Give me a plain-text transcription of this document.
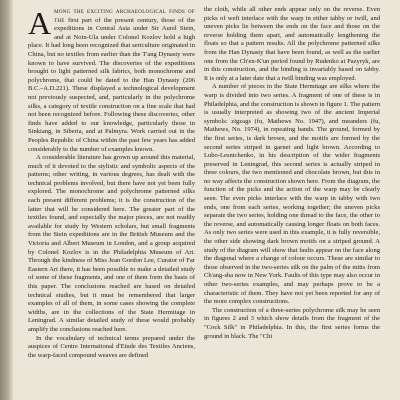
Among the exciting archaeological finds of the first part of the present century, those of the expeditions in Central Asia under Sir Aurel Stein, and at Noin-Ula under Colonel Kozlov hold a high place. It had long been recognized that sericulture originated in China, but no textiles from earlier than the T'ang Dynasty were known to have survived. The discoveries of the expeditions brought to light patterned silk fabrics, both monochrome and polychrome, that could be dated to the Han Dynasty (206 B.C.–A.D.221). These displayed a technological development not previously suspected, and, particularly in the polychrome silks, a category of textile construction on a fine scale that had not been recognized before. Following these discoveries, other finds have added to our knowledge, particularly those in Sinkiang, in Siberia, and at Palmyra. Work carried out in the Peoples Republic of China within the past few years has added considerably to the number of examples known.

A considerable literature has grown up around this material, much of it devoted to the stylistic and symbolic aspects of the patterns; other writing, in various degrees, has dealt with the technical problems involved, but there have not yet been fully explored. The monochrome and polychrome patterned silks each present different problems; it is the construction of the latter that will be considered here. The greater part of the textiles found, and especially the major pieces, are not readily available for study by Western scholars, but small fragments from the Stein expeditions are in the British Museum and the Victoria and Albert Museum in London, and a group acquired by Colonel Kozlov is in the Philadelphia Museum of Art. Through the kindness of Miss Jean Gordon Lee, Curator of Far Eastern Art there, it has been possible to make a detailed study of some of these fragments, and one of them form the basis of this paper. The conclusions reached are based on detailed technical studies, but it must be remembered that larger examples of all of them, in some cases showing the complete widths, are in the collections of the State Hermitage in Leningrad. A similar detailed study of these would probably amplify the conclusions reached here.

In the vocabulary of technical terms prepared under the auspices of Centre International d'Etude des Textiles Anciens, the warp-faced compound weaves are defined

the cloth, while all other ends appear only on the reverse. Even picks of weft interlace with the warp in either tabby or twill, and uneven picks lie between the ends on the face and those on the reverse holding them apart, and automatically lengthening the floats so that a pattern results. All the polychrome patterned silks from the Han Dynasty that have been found, as well as the earlier one from the Ch'en-K'un period found by Rudenko at Pazyryk, are in this construction, and the binding is invariably based on tabby. It is only at a later date that a twill binding was employed.

A number of pieces in the State Hermitage are silks where the warp is divided into two series. A fragment of one of these is in Philadelphia, and the construction is shown in figure 1. The pattern is usually interpreted as showing two of the ancient Imperial symbols: zigzags (fu, Mathews No. 1947), and meanders (fu, Mathews, No. 1974), in repeating bands. The ground, formed by the first series, is dark brown, and the motifs are formed by the second series striped in garnet and light brown. According to Lubo-Lesnichenko, in his description of the wider fragments preserved in Leningrad, this second series is actually striped in three colours, the two mentioned and chocolate brown, but this in no way affects the construction shown here. From the diagram, the function of the picks and the action of the warp may be clearly seen. The even picks interlace with the warp in tabby with two ends, one from each series, working together; the uneven picks separate the two series, holding one thread to the face, the other to the reverse, and automatically causing longer floats on both faces. As only two series were used in this example, it is fully reversible, the other side showing dark brown motifs on a striped ground. A study of the diagram will show that faults appear on the face along the diagonal where a change of colour occurs. These are similar to those observed in the two-series silk on the palm of the mitts from Ch'ang-sha now in New York. Faults of this type may also occur in other two-series examples, and may perhaps prove to be a characteristic of them. They have not yet been reported for any of the more complex constructions.

The construction of a three-series polychrome silk may be seen in figures 2 and 3 which show details from the fragment of the "Cock Silk" in Philadelphia. In this, the first series forms the ground in black. The "Chi
